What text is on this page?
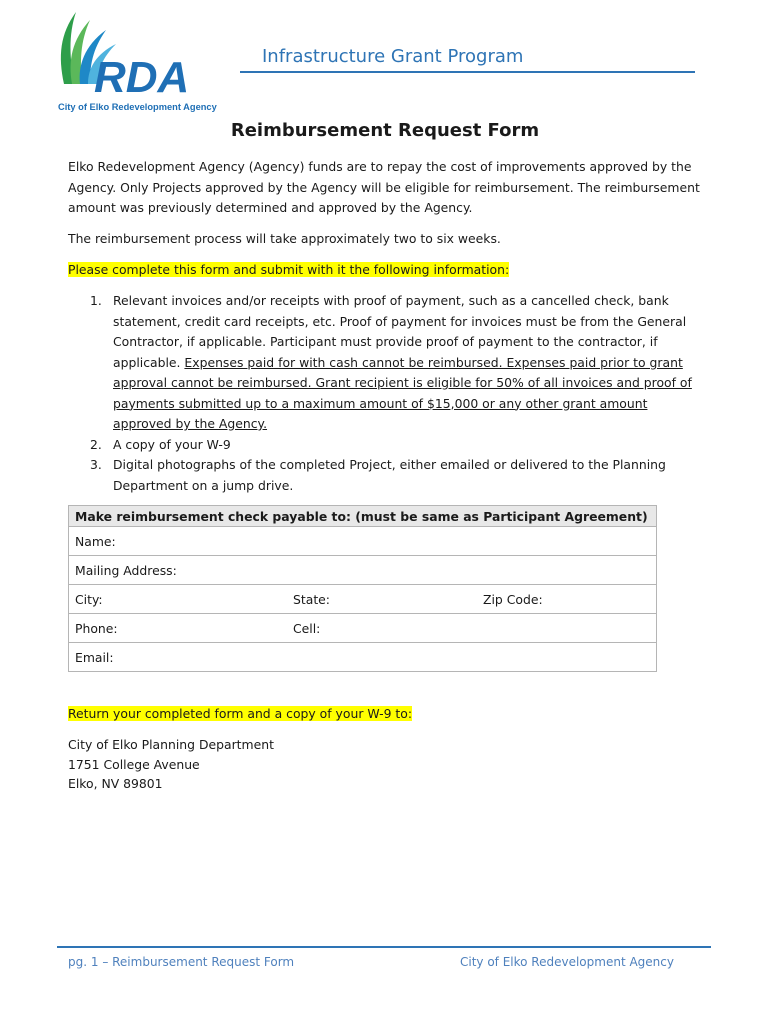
RDA
City of Elko Redevelopment Agency
Infrastructure Grant Program
Reimbursement Request Form
Elko Redevelopment Agency (Agency) funds are to repay the cost of improvements approved by the Agency. Only Projects approved by the Agency will be eligible for reimbursement. The reimbursement amount was previously determined and approved by the Agency.
The reimbursement process will take approximately two to six weeks.
Please complete this form and submit with it the following information:
1. Relevant invoices and/or receipts with proof of payment, such as a cancelled check, bank statement, credit card receipts, etc. Proof of payment for invoices must be from the General Contractor, if applicable. Participant must provide proof of payment to the contractor, if applicable. Expenses paid for with cash cannot be reimbursed. Expenses paid prior to grant approval cannot be reimbursed. Grant recipient is eligible for 50% of all invoices and proof of payments submitted up to a maximum amount of $15,000 or any other grant amount approved by the Agency.
2. A copy of your W-9
3. Digital photographs of the completed Project, either emailed or delivered to the Planning Department on a jump drive.
Make reimbursement check payable to: (must be same as Participant Agreement)
Name:
Mailing Address:

City:	State:	Zip Code:

Phone:	Cell:

Email:
Return your completed form and a copy of your W-9 to:
City of Elko Planning Department
1751 College Avenue
Elko, NV 89801
pg. 1 – Reimbursement Request Form	City of Elko Redevelopment Agency
